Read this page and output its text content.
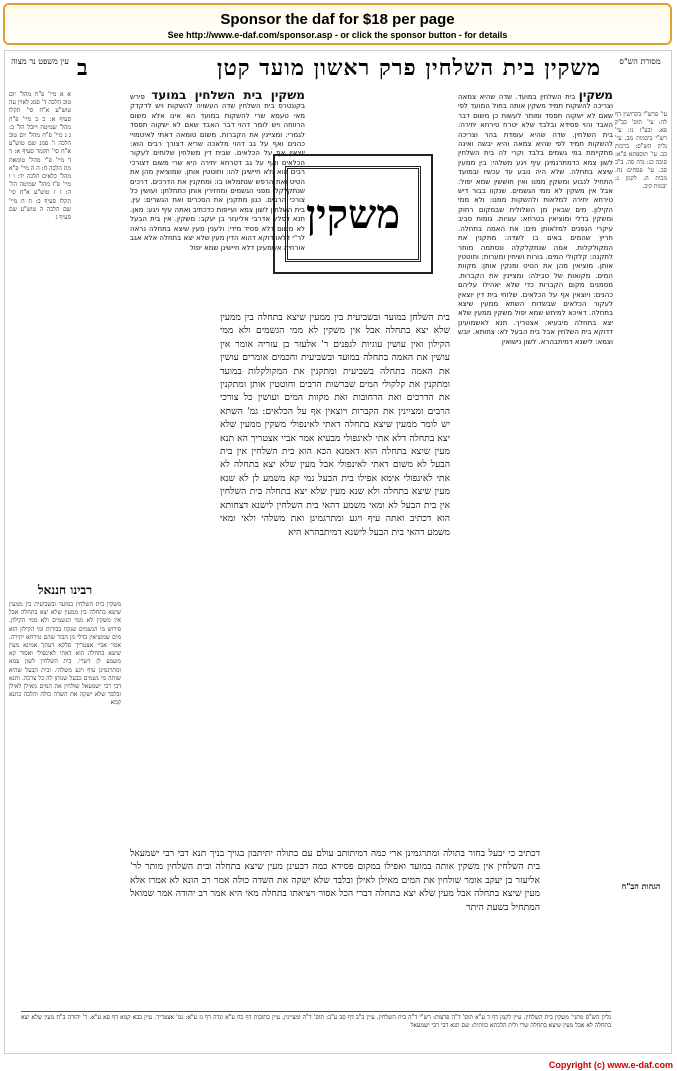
Sponsor the daf for $18 per page
See http://www.e-daf.com/sponsor.asp - or click the sponsor button - for details
מסורת הש"ס
משקין בית השלחין פרק ראשון מועד קטן
ב
עין משפט נר מצוה
עי' פרש"י בקדושין דף לה: עי' תוס' בב"ק פא. ובע"ז נו: עי' רש"י ביבמות מב. עי' גליון הש"ס: ברכות כב. עי' תוספתא פ"א: סוכה כג: נדה סה. ב"ב סב. עי' פסחים נח. מכות ח. לקמן ג: יבמות קיב.
הגהות הב"ח
משקין בית השלחין במועד. שדה שהיא צמאה וצריכה להשקות תמיד משקין אותה בחול המועד לפי שאם לא ישקוה תפסד ומותר לעשות כן משום דבר האבד והוי פסידא ובלבד שלא יטרח טירחא יתירה: בית השלחין. שדה שהיא עומדת בהר וצריכה להשקות תמיד לפי שהיא צמאה והיא יבשה ואינה מתקיימת במי גשמים בלבד וקרי לה בית השלחין לשון צמא כדמתרגמינן עיף ויגע משלהי: בין ממעין שיצא בתחלה. שלא היה נובע עד עכשיו ובמועד התחיל לנבוע ומשקין ממנו ואין חוששין שמא יפול: אבל אין משקין לא ממי הגשמים. שנקוו בבור דיש טירחא יתירה למלאות ולהשקות ממנו: ולא ממי הקילון. מים שבאין מן השלולית שבמקום רחוק ומשקין בדלי ומוציאין בטרחא: עוגיות. גומות סביב עיקרי הגפנים למלאותן מים: את האמה בתחלה. חריץ שהמים באים בו לשדה: מתקנין את המקולקלות. אמה שנתקלקלה ונסתמה מותר לתקנה: קלקולי המים. בורות ושיחין ומערות: וחוטטין אותן. מוציאין מהן את הטיט ומנקין אותן: מקוות המים. מקואות של טבילה: ומציינין את הקברות. מסמנים מקום הקברות כדי שלא יאהילו עליהם כהנים: ויוצאין אף על הכלאים. שלוחי בית דין יוצאין לעקור הכלאים שבשדות השתא ממעין שיצא בתחלה. דאיכא למיחש שמא יפול משקין ממעין שלא יצא בתחלה מיבעיא: אצטריך. תנא לאשמועינן דדוקא בית השלחין אבל בית הבעל לא: צחותא. יובש וצמא: לישנא דמיתבהרא. לשון נישואין
משקין
בית השלחן במועד ובשביעית בין ממעין שיצא בתחלה בין ממעין שלא יצא בתחלה אבל אין משקין לא ממי הגשמים ולא ממי הקילון ואין עושין עוגיות לגפנים ר' אלעזר בן עזריה אומר אין עושין את האמה בתחלה במועד ובשביעית וחכמים אומרים עושין את האמה בתחלה בשביעית ומתקנין את המקולקלות במועד ומתקנין את קלקולי המים שברשות הרבים וחוטטין אותן ומתקנין את הדרכים ואת הרחובות ואת מקוות המים ועושין כל צורכי הרבים ומציינין את הקברות ויוצאין אף על הכלאים: גמ' השתא יש לומר ממעין שיצא בתחלה דאתי לאינפולי משקין ממעין שלא יצא בתחלה דלא אתי לאינפולי מבעיא אמר אביי אצטריך הא תנא מעין שיצא בתחלה הוא דאמנא הכא הוא בית השלחין אין בית הבעל לא משום דאתי לאינפולי אבל מעין שלא יצא בתחלה לא אתי לאינפולי אימא אפילו בית הבעל נמי קא משמע לן לא שנא מעין שיצא בתחלה ולא שנא מעין שלא יצא בתחלה בית השלחין אין בית הבעל לא ומאי משמע דהאי בית השלחין לישנא דצחותא הוא דכתיב ואתה עיף ויגע ומתרגמינן ואת משלהי ולאי ומאי משמע דהאי בית הבעל לישנא דמיתבהרא היא
דכתיב כי יבעל בחור בתולה ומתרגמינן ארי כמה דמיתותב עולם עם בתולה יתיתבון בגויך בניך תנא דבי רבי ישמעאל בית השלחין אין משקין אותה במועד ואפילו במקום פסידא כמה דבעינן מעין שיצא בתחלה ובית השלחין מותר לר' אליעזר בן יעקב אומר שולחין את המים מאילן לאילן ובלבד שלא ישקה את השדה כולה אמר רב הונא לא אמרו אלא מעין שיצא בתחלה אבל מעין שלא יצא בתחלה דברי הכל אסור ויציאתו בתחלה מאי היא אמר רב יהודה אמר שמואל המתחיל בשעת היתר
משקין בית השלחין במועד פירש בקונטרס בית השלחין שדה העשויה להשקות ויש לדקדק מאי טעמא שרי להשקות במועד הא אינו אלא משום הרווחה ויש לומר דהוי דבר האבד שאם לא ישקוה תפסד לגמרי: ומציינין את הקברות. משום טומאה דאתי לאיטמויי כהנים ואף על גב דהוי מלאכה שריא דצורך רבים הוא: יוצאין אף על הכלאים. שבית דין משלחין שלוחים לעקור הכלאים ואף על גב דטרחא יתירה היא שרי משום דצורכי רבים הוא ולא חיישינן להו: וחוטטין אותן. שמוציאין מהן את הטיט ואת הרפש שנתמלאו בו: ומתקנין את הדרכים. דרכים שנתקלקלו מפני הגשמים ומחזירין אותן כתחלתן: ועושין כל צורכי הרבים. כגון מתקנין את הסכרים ואת הגשרים: עין. בית השלחין לשון צמא ועייפות כדכתיב ואתה עיף ויגע: מאן. תנא דפליג אדרבי אליעזר בן יעקב: משקין. אין בית הבעל לא משום דלא פסיד מידי: ולענין מעין שיצא בתחלה נראה לר"י דלאו דוקא דהוא הדין מעין שלא יצא בתחלה אלא אגב אורחיה אשמעינן דלא חיישינן שמא יפול
א א מיי' פ"ח מהל' יום טוב הלכה ד' סמג לאוין עה טוש"ע א"ח סי' תקלז סעיף א: ב ב מיי' פ"ח מהל' שמיטה ויובל הל' ב: ג ג מיי' פ"ח מהל' יום טוב הלכה ו' סמג שם טוש"ע א"ח סי' תקמד סעיף א: ד ד מיי' פ"י מהל' טומאת מת הלכה ח: ה ה מיי' פ"א מהל' כלאים הלכה יד: ו ו מיי' פ"ז מהל' שמיטה הל' ה: ז ז טוש"ע א"ח סי' תקלז סעיף ב: ח ח מיי' שם הלכה ה טוש"ע שם סעיף ג
רבינו חננאל
משקין בית השלחין במועד ובשביעית בין ממעין שיצא בתחלה בין ממעין שלא יצא בתחלה אבל אין משקין לא ממי הגשמים ולא ממי הקילון. פירוש מי הגשמים שנקוו בבורות ומי הקילון הוא מים שמוציאין בדלי מן הבור שהם טירחא יתירה. אמר אביי אצטריך סלקא דעתך אמינא מעין שיצא בתחלה הוא דאתי לאינפולי ואסור קא משמע לן דשרי. בית השלחין לשון צמא ומתרגמינן עיף ויגע משלהי. ובית הבעל שהיא שותה מי גשמים כבעל שנותן לה כל צרכה. ותנא דבי רבי ישמעאל שולחין את המים מאילן לאילן ובלבד שלא ישקה את השדה כולה והלכה כתנא קמא
גליון הש"ס מתני' משקין בית השלחין. עיין לקמן דף ד ע"א תוס' ד"ה פרצות: רש"י ד"ה בית השלחין. עיין ב"ב דף סב ע"ב: תוס' ד"ה ומציינין. עיין כתובות דף כח ע"א ונדה דף נז ע"א: גמ' אצטריך. עיין בבא קמא דף פא ע"א. ר' יהודה ב"ח מעין שלא יצא בתחלה לא אבל מעין שיצא בתחלה שרי ולית הלכתא כוותיה: שם תנא דבי רבי ישמעאל
Copyright (c) www.e-daf.com
